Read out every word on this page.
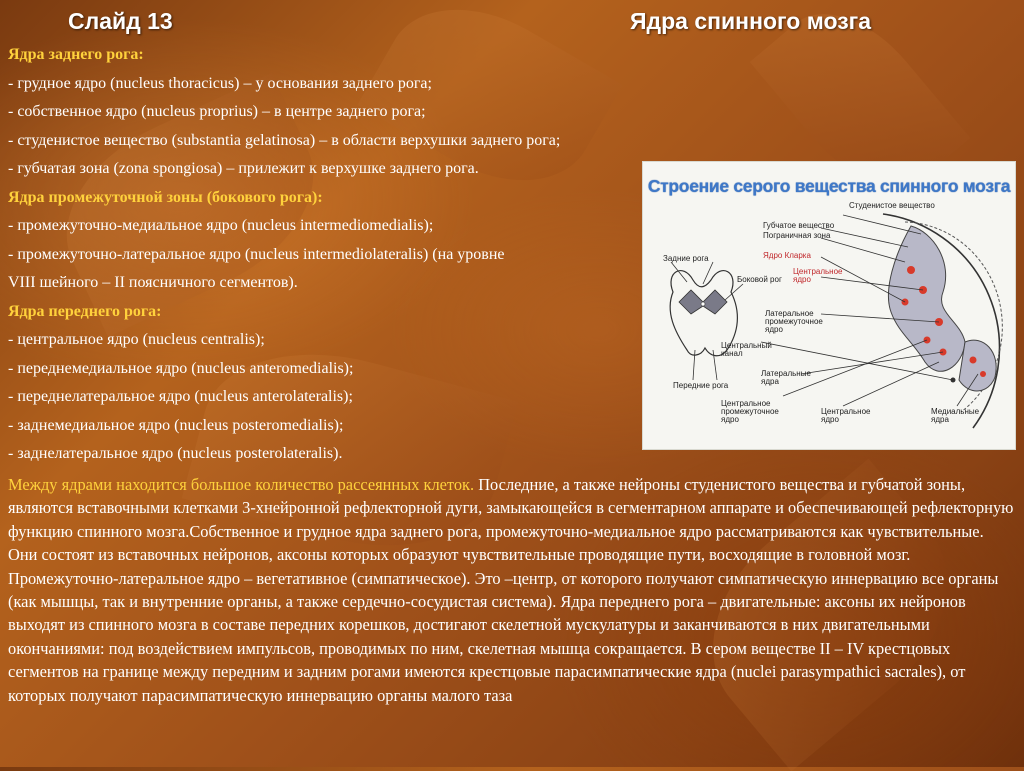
Слайд 13	Ядра спинного мозга
Ядра заднего рога:
- грудное ядро (nucleus thoracicus) – у основания заднего рога;
- собственное ядро (nucleus proprius) – в центре заднего рога;
- студенистое вещество (substantia gelatinosa) – в области верхушки заднего рога;
- губчатая зона (zona spongiosa) – прилежит к верхушке заднего рога.
Ядра промежуточной зоны (бокового рога):
- промежуточно-медиальное ядро (nucleus intermediomedialis);
- промежуточно-латеральное ядро (nucleus intermediolateralis) (на уровне
VIII шейного – II поясничного сегментов).
Ядра переднего рога:
- центральное ядро (nucleus centralis);
- переднемедиальное ядро (nucleus anteromedialis);
- переднелатеральное ядро (nucleus anterolateralis);
- заднемедиальное ядро (nucleus posteromedialis);
- заднелатеральное ядро (nucleus posterolateralis).
Строение серого вещества спинного мозга
Студенистое вещество
Губчатое вещество
Пограничная зона
Ядро Кларка
Центральное
ядро
Боковой рог
Задние рога
Латеральное
промежуточное
ядро
Центральный
канал
Передние рога
Латеральные
ядра
Центральное
промежуточное
ядро
Центральное
ядро
Медиальные
ядра
Между ядрами находится большое количество рассеянных клеток. Последние, а также нейроны студенистого вещества и губчатой зоны, являются вставочными клетками 3-хнейронной рефлекторной дуги, замыкающейся в сегментарном аппарате и обеспечивающей рефлекторную функцию спинного мозга.Собственное и грудное ядра заднего рога, промежуточно-медиальное ядро рассматриваются как чувствительные. Они состоят из вставочных нейронов, аксоны которых образуют чувствительные проводящие пути, восходящие в головной мозг. Промежуточно-латеральное ядро – вегетативное (симпатическое). Это –центр, от которого получают симпатическую иннервацию все органы (как мышцы, так и внутренние органы, а также сердечно-сосудистая система). Ядра переднего рога – двигательные: аксоны их нейронов выходят из спинного мозга в составе передних корешков, достигают скелетной мускулатуры и заканчиваются в них двигательными окончаниями: под воздействием импульсов, проводимых по ним, скелетная мышца сокращается. В сером веществе II – IV крестцовых сегментов на границе между передним и задним рогами имеются крестцовые парасимпатические ядра (nuclei parasympathici sacrales), от которых получают парасимпатическую иннервацию органы малого таза
